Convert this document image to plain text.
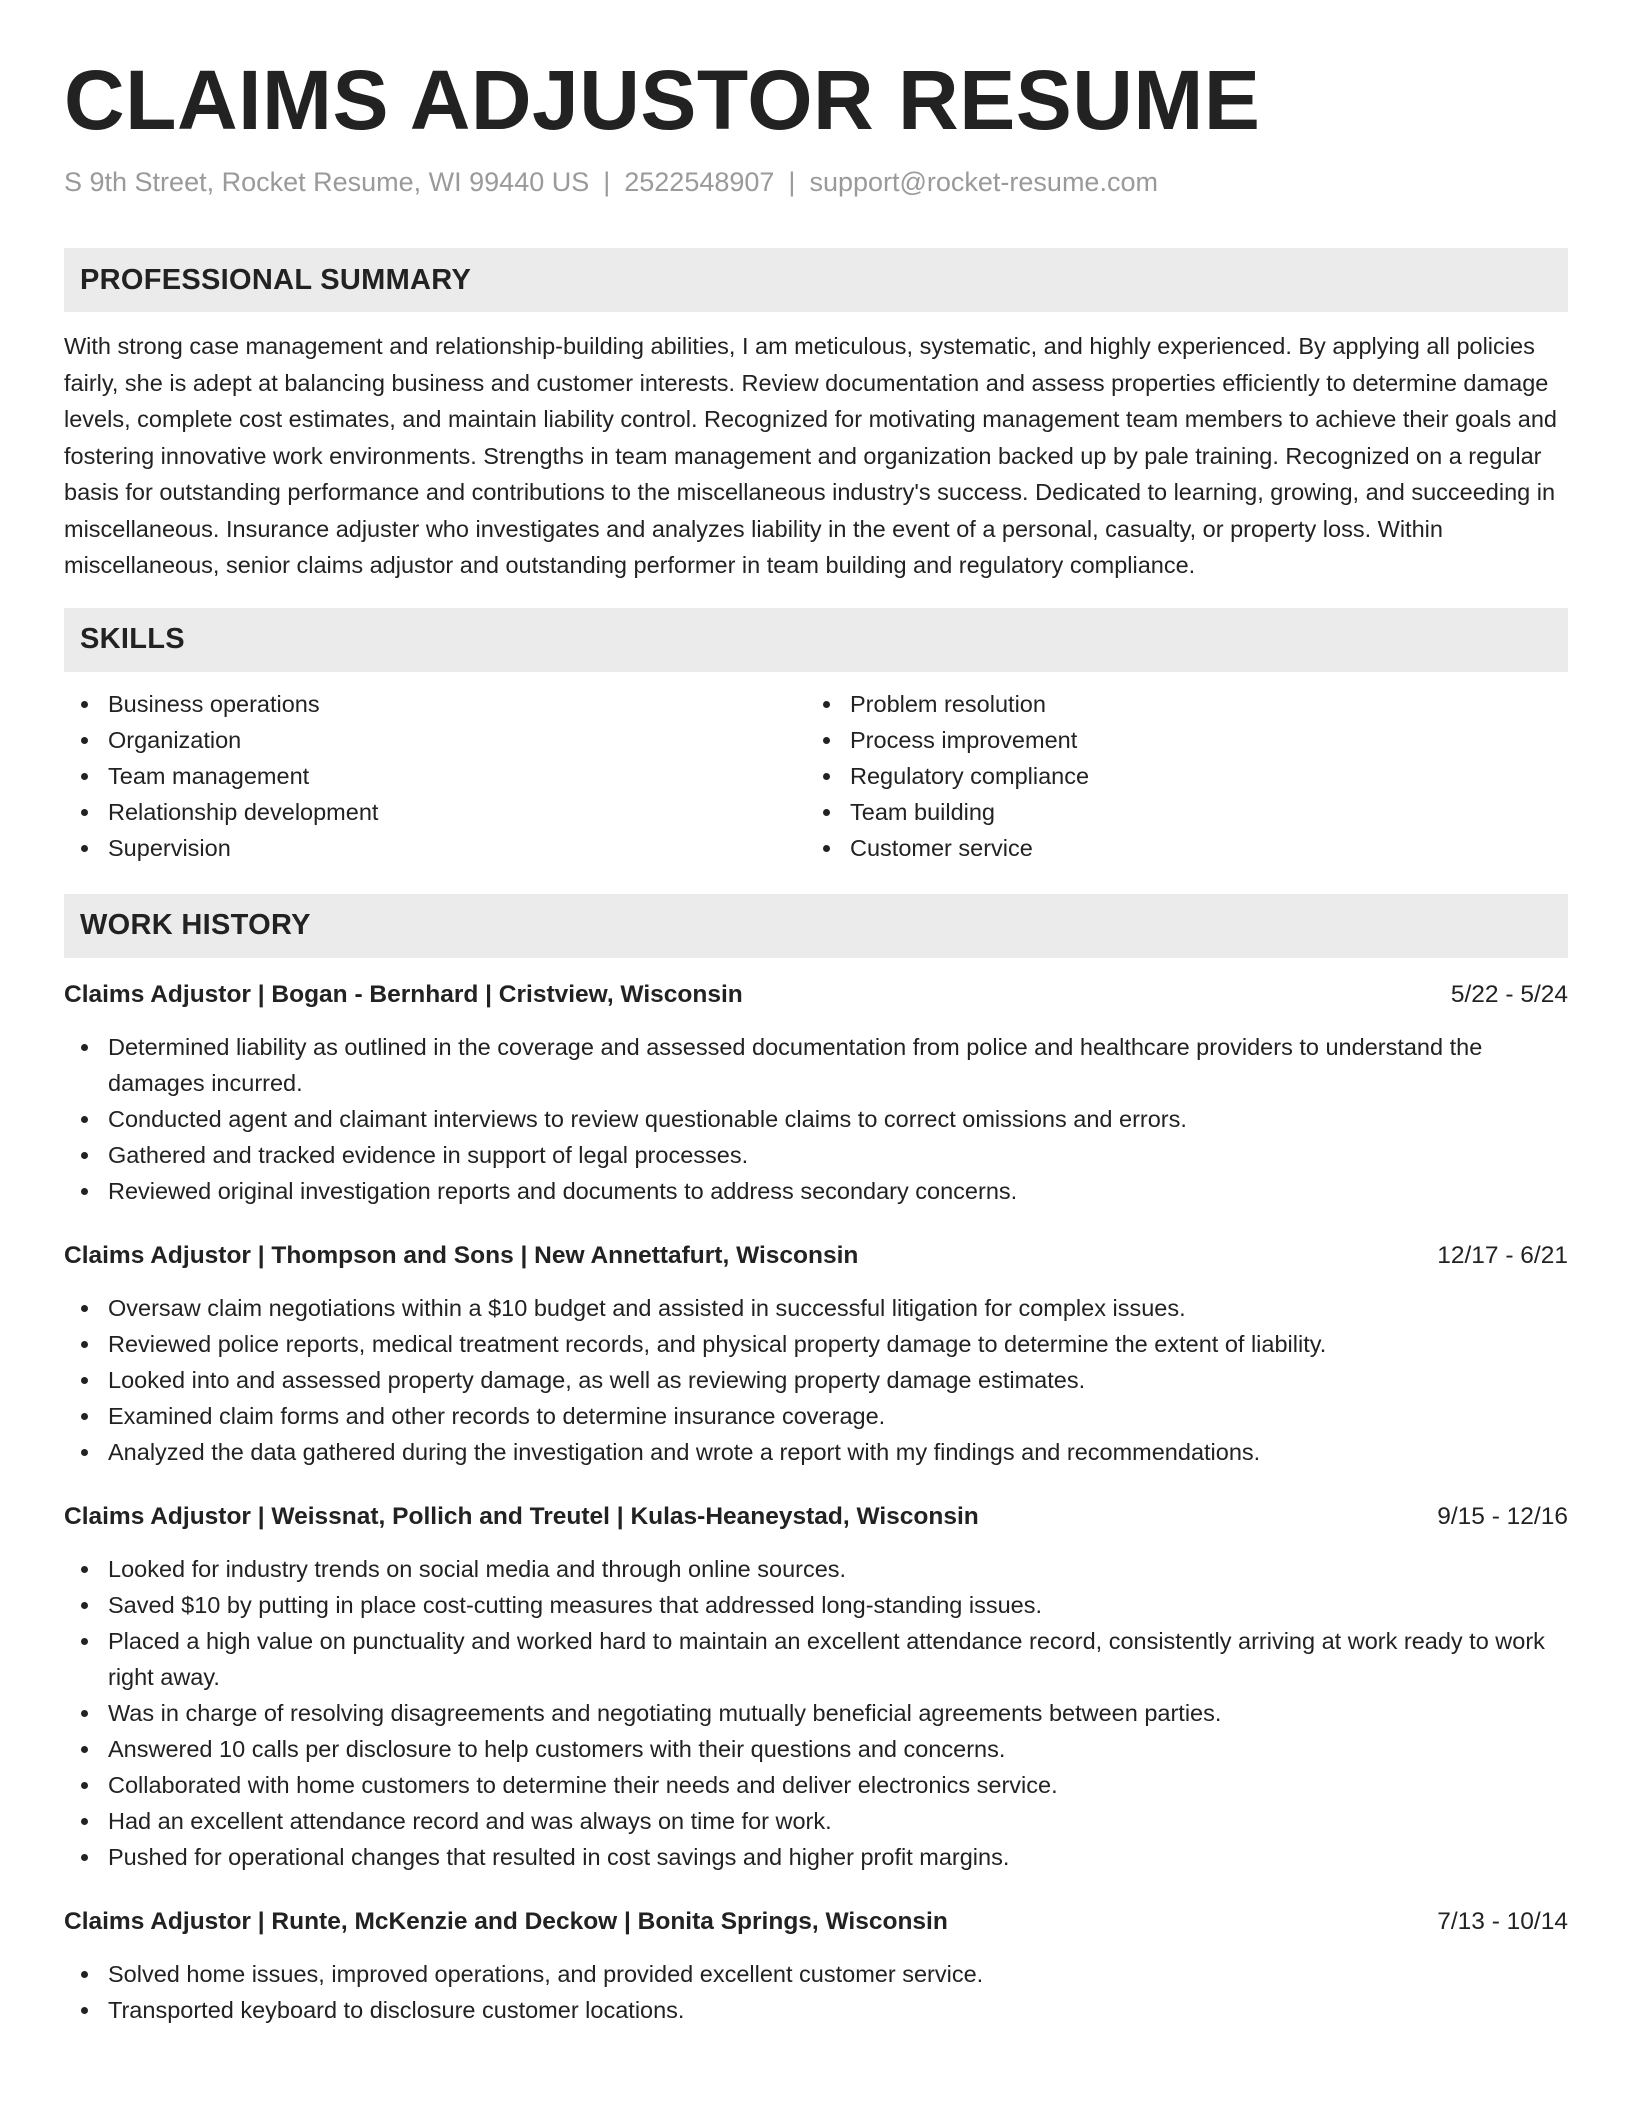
CLAIMS ADJUSTOR RESUME
S 9th Street, Rocket Resume, WI 99440 US | 2522548907 | support@rocket-resume.com
PROFESSIONAL SUMMARY

With strong case management and relationship-building abilities, I am meticulous, systematic, and highly experienced. By applying all policies fairly, she is adept at balancing business and customer interests. Review documentation and assess properties efficiently to determine damage levels, complete cost estimates, and maintain liability control. Recognized for motivating management team members to achieve their goals and fostering innovative work environments. Strengths in team management and organization backed up by pale training. Recognized on a regular basis for outstanding performance and contributions to the miscellaneous industry's success. Dedicated to learning, growing, and succeeding in miscellaneous. Insurance adjuster who investigates and analyzes liability in the event of a personal, casualty, or property loss. Within miscellaneous, senior claims adjustor and outstanding performer in team building and regulatory compliance.

SKILLS
Business operations
Organization
Team management
Relationship development
Supervision
Problem resolution
Process improvement
Regulatory compliance
Team building
Customer service
WORK HISTORY
Claims Adjustor | Bogan - Bernhard | Cristview, Wisconsin	5/22 - 5/24
Determined liability as outlined in the coverage and assessed documentation from police and healthcare providers to understand the damages incurred.
Conducted agent and claimant interviews to review questionable claims to correct omissions and errors.
Gathered and tracked evidence in support of legal processes.
Reviewed original investigation reports and documents to address secondary concerns.
Claims Adjustor | Thompson and Sons | New Annettafurt, Wisconsin	12/17 - 6/21
Oversaw claim negotiations within a $10 budget and assisted in successful litigation for complex issues.
Reviewed police reports, medical treatment records, and physical property damage to determine the extent of liability.
Looked into and assessed property damage, as well as reviewing property damage estimates.
Examined claim forms and other records to determine insurance coverage.
Analyzed the data gathered during the investigation and wrote a report with my findings and recommendations.
Claims Adjustor | Weissnat, Pollich and Treutel | Kulas-Heaneystad, Wisconsin	9/15 - 12/16
Looked for industry trends on social media and through online sources.
Saved $10 by putting in place cost-cutting measures that addressed long-standing issues.
Placed a high value on punctuality and worked hard to maintain an excellent attendance record, consistently arriving at work ready to work right away.
Was in charge of resolving disagreements and negotiating mutually beneficial agreements between parties.
Answered 10 calls per disclosure to help customers with their questions and concerns.
Collaborated with home customers to determine their needs and deliver electronics service.
Had an excellent attendance record and was always on time for work.
Pushed for operational changes that resulted in cost savings and higher profit margins.
Claims Adjustor | Runte, McKenzie and Deckow | Bonita Springs, Wisconsin	7/13 - 10/14
Solved home issues, improved operations, and provided excellent customer service.
Transported keyboard to disclosure customer locations.
